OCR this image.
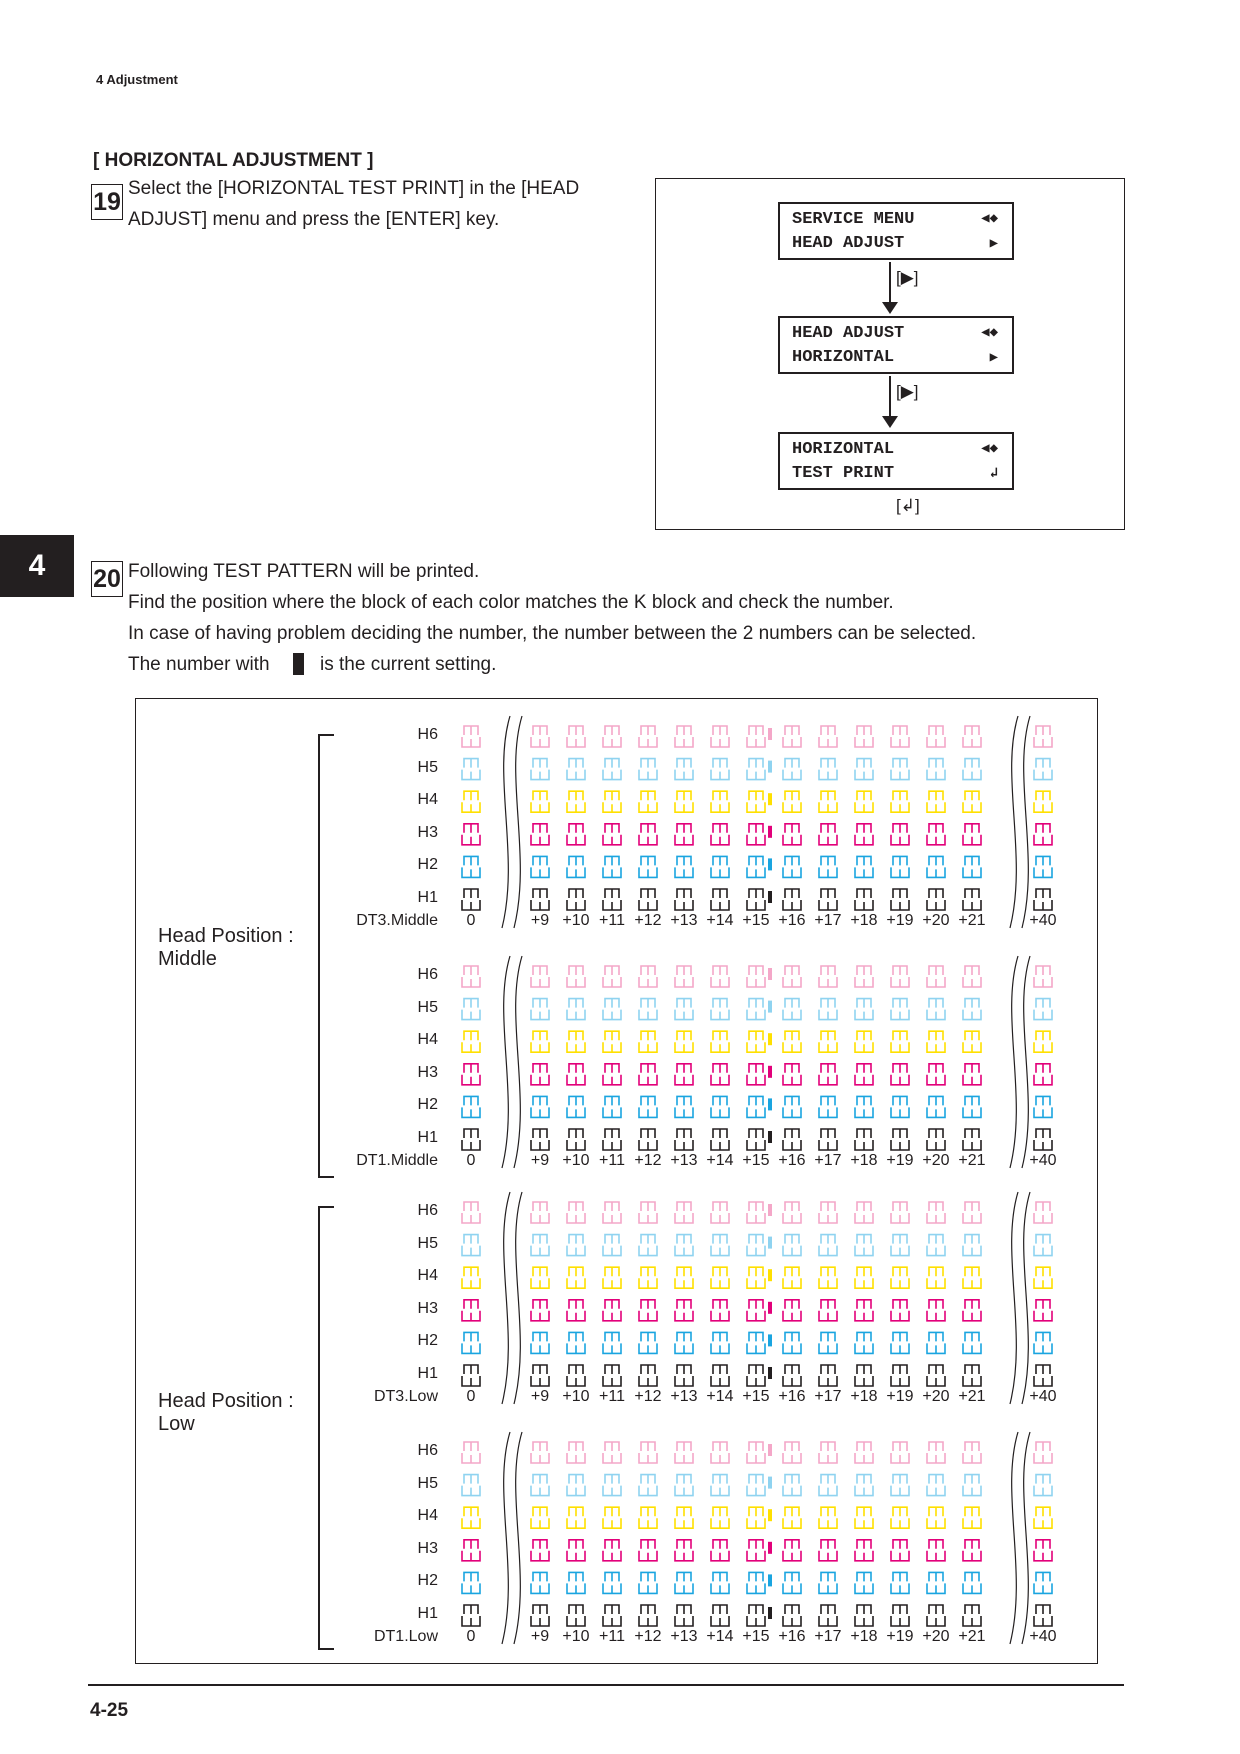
4 Adjustment
[ HORIZONTAL ADJUSTMENT ]
19 Select the [HORIZONTAL TEST PRINT] in the [HEAD
ADJUST] menu and press the [ENTER] key.	SERVICE MENU
HEAD ADJUST
◀◆
▶
[▶]
HEAD ADJUST
HORIZONTAL
◀◆
▶
[▶]
HORIZONTAL
TEST PRINT
◀◆
↲
[↲]
4	20 Following TEST PATTERN will be printed.
Find the position where the block of each color matches the K block and check the number.
In case of having problem deciding the number, the number between the 2 numbers can be selected.
The number with	is the current setting.
Head Position :
Middle
Head Position :
Low
H6
H5
H4
H3
H2
H1
DT3.Middle	0	+9 +10 +11 +12 +13 +14 +15 +16 +17 +18 +19 +20 +21	+40
H6
H5
H4
H3
H2
H1
DT1.Middle	0	+9 +10 +11 +12 +13 +14 +15 +16 +17 +18 +19 +20 +21	+40
H6
H5
H4
H3
H2
H1
DT3.Low	0	+9 +10 +11 +12 +13 +14 +15 +16 +17 +18 +19 +20 +21	+40
H6
H5
H4
H3
H2
H1
DT1.Low	0	+9 +10 +11 +12 +13 +14 +15 +16 +17 +18 +19 +20 +21	+40
4-25
